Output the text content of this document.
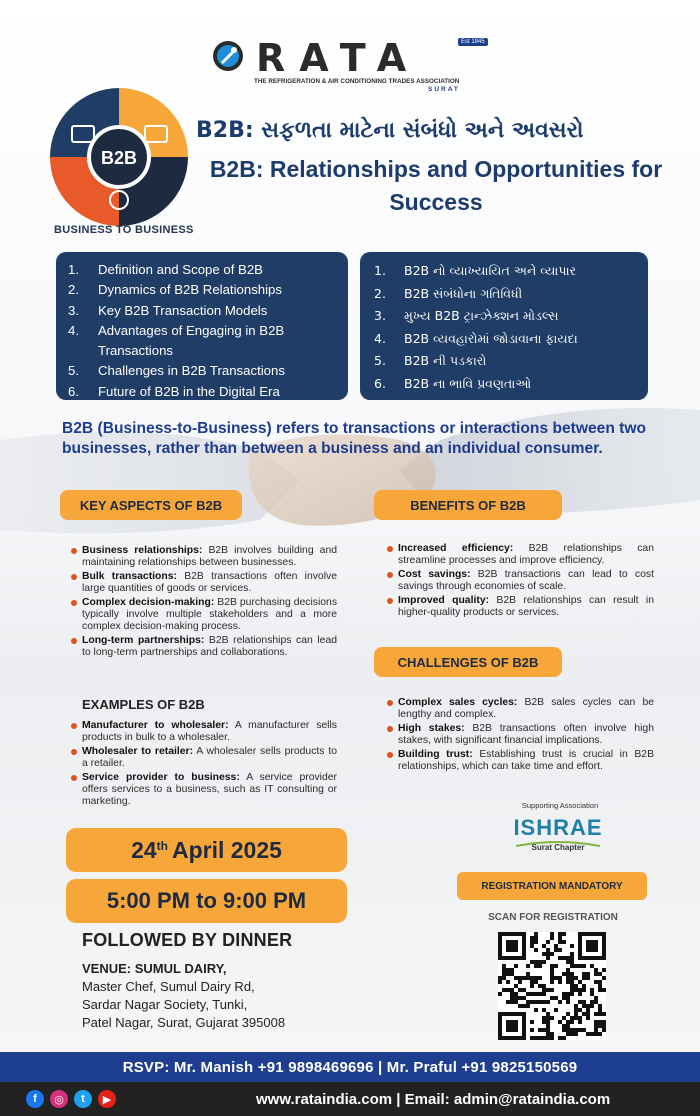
RATA	Est 1945
THE REFRIGERATION & AIR CONDITIONING TRADES ASSOCIATION
SURAT
B2B
BUSINESS TO BUSINESS
B2B: સફળતા માટેના સંબંધો અને અવસરો
B2B: Relationships and Opportunities for Success
1.	Definition and Scope of B2B
2.	Dynamics of B2B Relationships
3.	Key B2B Transaction Models
4.	Advantages of Engaging in B2B Transactions
5.	Challenges in B2B Transactions
6.	Future of B2B in the Digital Era
1.	B2B નો વ્યાખ્યાયિત અને વ્યાપાર
2.	B2B સંબંધોના ગતિવિધી
3.	મુખ્ય B2B ટ્રાન્ઝેક્શન મોડલ્સ
4.	B2B વ્યવહારોમાં જોડાવાના ફાયદા
5.	B2B ની પડકારો
6.	B2B ના ભાવિ પ્રવણતાઓ
B2B (Business-to-Business) refers to transactions or interactions between two businesses, rather than between a business and an individual consumer.
KEY ASPECTS OF B2B
Business relationships: B2B involves building and maintaining relationships between businesses.
Bulk transactions: B2B transactions often involve large quantities of goods or services.
Complex decision-making: B2B purchasing decisions typically involve multiple stakeholders and a more complex decision-making process.
Long-term partnerships: B2B relationships can lead to long-term partnerships and collaborations.
EXAMPLES OF B2B
Manufacturer to wholesaler: A manufacturer sells products in bulk to a wholesaler.
Wholesaler to retailer: A wholesaler sells products to a retailer.
Service provider to business: A service provider offers services to a business, such as IT consulting or marketing.
BENEFITS OF B2B
Increased efficiency: B2B relationships can streamline processes and improve efficiency.
Cost savings: B2B transactions can lead to cost savings through economies of scale.
Improved quality: B2B relationships can result in higher-quality products or services.
CHALLENGES OF B2B
Complex sales cycles: B2B sales cycles can be lengthy and complex.
High stakes: B2B transactions often involve high stakes, with significant financial implications.
Building trust: Establishing trust is crucial in B2B relationships, which can take time and effort.
24th April 2025
5:00 PM to 9:00 PM
FOLLOWED BY DINNER
VENUE: SUMUL DAIRY,
Master Chef, Sumul Dairy Rd,
Sardar Nagar Society, Tunki,
Patel Nagar, Surat, Gujarat 395008
Supporting Association
ISHRAE
Surat Chapter
REGISTRATION MANDATORY
SCAN FOR REGISTRATION
RSVP: Mr. Manish +91 9898469696 | Mr. Praful +91 9825150569
f	◎	t	▶	www.rataindia.com | Email: admin@rataindia.com
